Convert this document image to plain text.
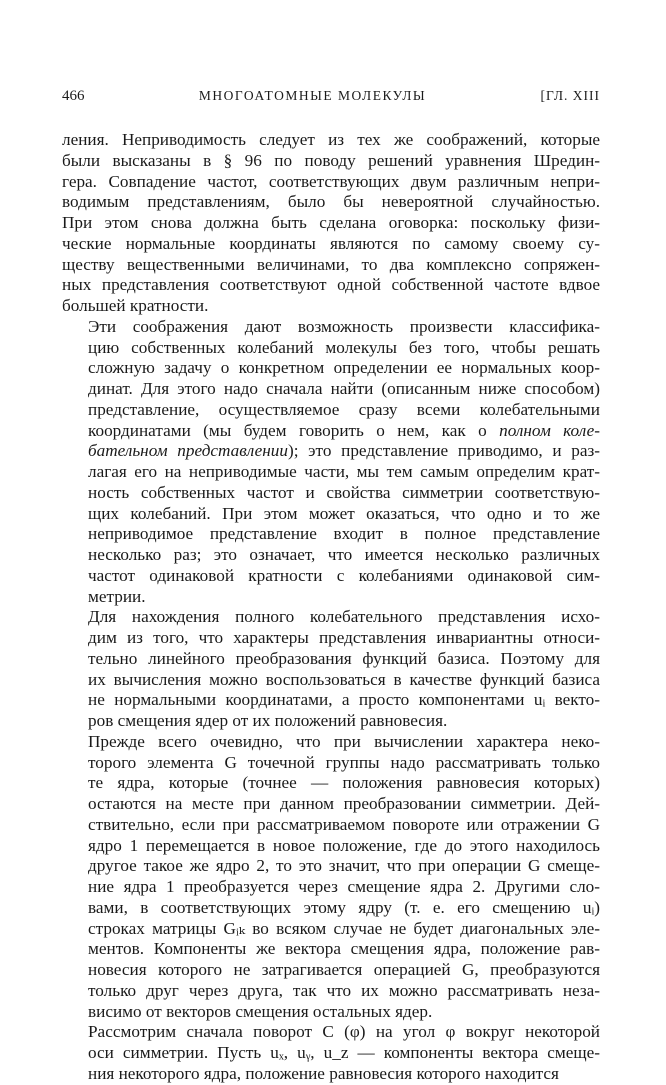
466	МНОГОАТОМНЫЕ МОЛЕКУЛЫ	[ГЛ. XIII
ления. Неприводимость следует из тех же соображений, которые
были высказаны в § 96 по поводу решений уравнения Шредин-
гера. Совпадение частот, соответствующих двум различным непри-
водимым представлениям, было бы невероятной случайностью.
При этом снова должна быть сделана оговорка: поскольку физи-
ческие нормальные координаты являются по самому своему су-
ществу вещественными величинами, то два комплексно сопряжен-
ных представления соответствуют одной собственной частоте вдвое
большей кратности.
Эти соображения дают возможность произвести классифика-
цию собственных колебаний молекулы без того, чтобы решать
сложную задачу о конкретном определении ее нормальных коор-
динат. Для этого надо сначала найти (описанным ниже способом)
представление, осуществляемое сразу всеми колебательными
координатами (мы будем говорить о нем, как о полном коле-
бательном представлении); это представление приводимо, и раз-
лагая его на неприводимые части, мы тем самым определим крат-
ность собственных частот и свойства симметрии соответствую-
щих колебаний. При этом может оказаться, что одно и то же
неприводимое представление входит в полное представление
несколько раз; это означает, что имеется несколько различных
частот одинаковой кратности с колебаниями одинаковой сим-
метрии.
Для нахождения полного колебательного представления исхо-
дим из того, что характеры представления инвариантны относи-
тельно линейного преобразования функций базиса. Поэтому для
их вычисления можно воспользоваться в качестве функций базиса
не нормальными координатами, а просто компонентами uᵢ векто-
ров смещения ядер от их положений равновесия.
Прежде всего очевидно, что при вычислении характера неко-
торого элемента G точечной группы надо рассматривать только
те ядра, которые (точнее — положения равновесия которых)
остаются на месте при данном преобразовании симметрии. Дей-
ствительно, если при рассматриваемом повороте или отражении G
ядро 1 перемещается в новое положение, где до этого находилось
другое такое же ядро 2, то это значит, что при операции G смеще-
ние ядра 1 преобразуется через смещение ядра 2. Другими сло-
вами, в соответствующих этому ядру (т. е. его смещению uᵢ)
строках матрицы Gᵢₖ во всяком случае не будет диагональных эле-
ментов. Компоненты же вектора смещения ядра, положение рав-
новесия которого не затрагивается операцией G, преобразуются
только друг через друга, так что их можно рассматривать неза-
висимо от векторов смещения остальных ядер.
Рассмотрим сначала поворот C (φ) на угол φ вокруг некоторой
оси симметрии. Пусть uₓ, uᵧ, u_z — компоненты вектора смеще-
ния некоторого ядра, положение равновесия которого находится
